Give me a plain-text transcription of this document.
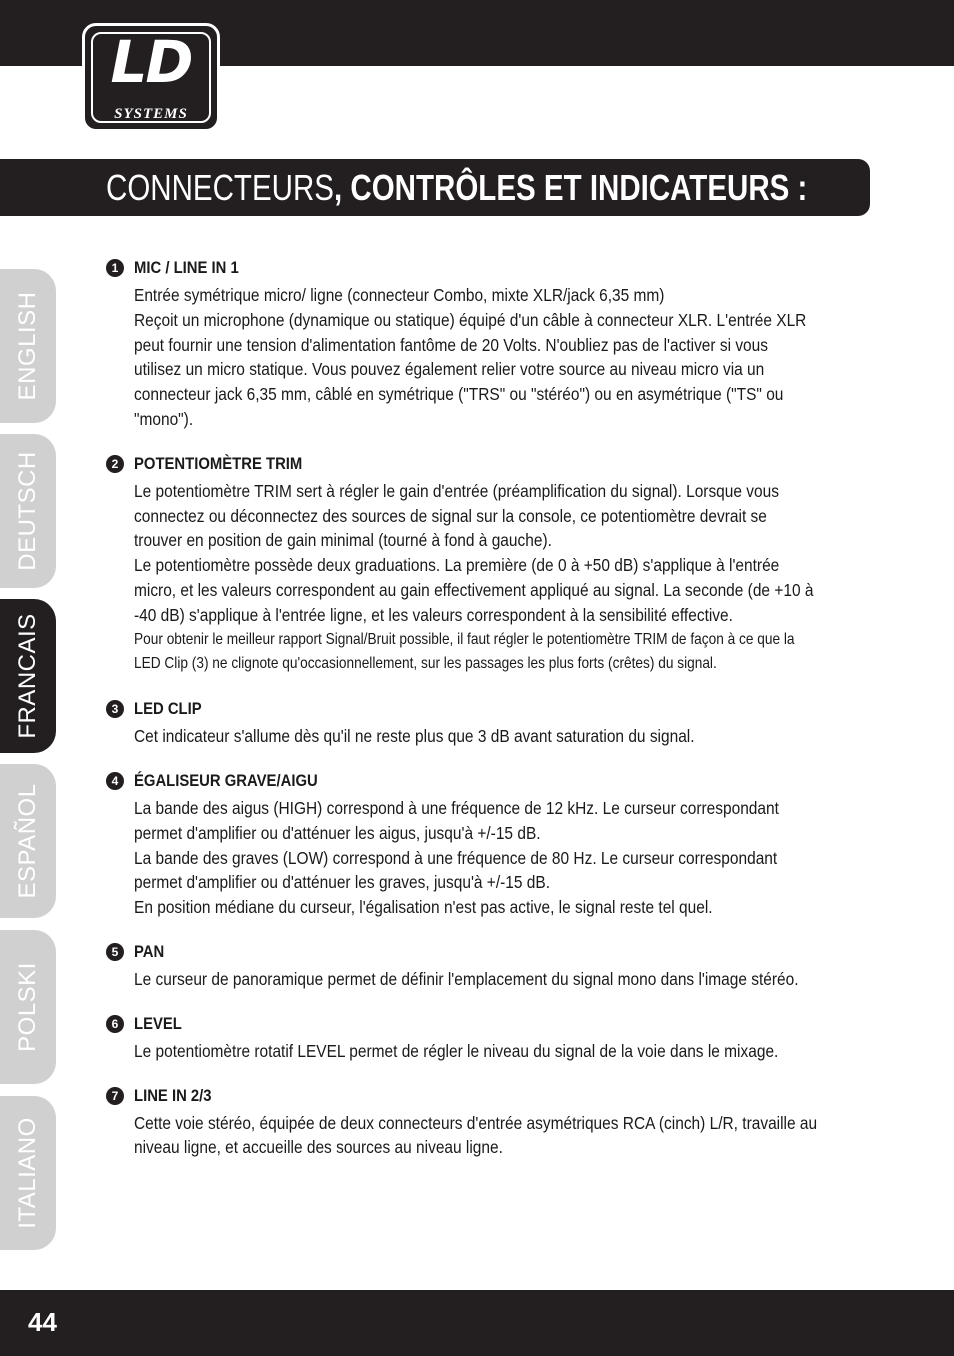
LD
SYSTEMS
CONNECTEURS, CONTRÔLES ET INDICATEURS :
ENGLISH
DEUTSCH
FRANCAIS
ESPAÑOL
POLSKI
ITALIANO
1 MIC / LINE IN 1

Entrée symétrique micro/ ligne (connecteur Combo, mixte XLR/jack 6,35 mm)

Reçoit un microphone (dynamique ou statique) équipé d'un câble à connecteur XLR. L'entrée XLR peut fournir une tension d'alimentation fantôme de 20 Volts. N'oubliez pas de l'activer si vous utilisez un micro statique. Vous pouvez également relier votre source au niveau micro via un connecteur jack 6,35 mm, câblé en symétrique ("TRS" ou "stéréo") ou en asymétrique ("TS" ou "mono").

2 POTENTIOMÈTRE TRIM

Le potentiomètre TRIM sert à régler le gain d'entrée (préamplification du signal). Lorsque vous connectez ou déconnectez des sources de signal sur la console, ce potentiomètre devrait se trouver en position de gain minimal (tourné à fond à gauche).

Le potentiomètre possède deux graduations. La première (de 0 à +50 dB) s'applique à l'entrée micro, et les valeurs correspondent au gain effectivement appliqué au signal. La seconde (de +10 à -40 dB) s'applique à l'entrée ligne, et les valeurs correspondent à la sensibilité effective.

Pour obtenir le meilleur rapport Signal/Bruit possible, il faut régler le potentiomètre TRIM de façon à ce que la LED Clip (3) ne clignote qu'occasionnellement, sur les passages les plus forts (crêtes) du signal.

3 LED CLIP

Cet indicateur s'allume dès qu'il ne reste plus que 3 dB avant saturation du signal.

4 ÉGALISEUR GRAVE/AIGU

La bande des aigus (HIGH) correspond à une fréquence de 12 kHz. Le curseur correspondant permet d'amplifier ou d'atténuer les aigus, jusqu'à +/-15 dB.

La bande des graves (LOW) correspond à une fréquence de 80 Hz. Le curseur correspondant permet d'amplifier ou d'atténuer les graves, jusqu'à +/-15 dB.

En position médiane du curseur, l'égalisation n'est pas active, le signal reste tel quel.

5 PAN

Le curseur de panoramique permet de définir l'emplacement du signal mono dans l'image stéréo.

6 LEVEL

Le potentiomètre rotatif LEVEL permet de régler le niveau du signal de la voie dans le mixage.

7 LINE IN 2/3

Cette voie stéréo, équipée de deux connecteurs d'entrée asymétriques RCA (cinch) L/R, travaille au niveau ligne, et accueille des sources au niveau ligne.

44
